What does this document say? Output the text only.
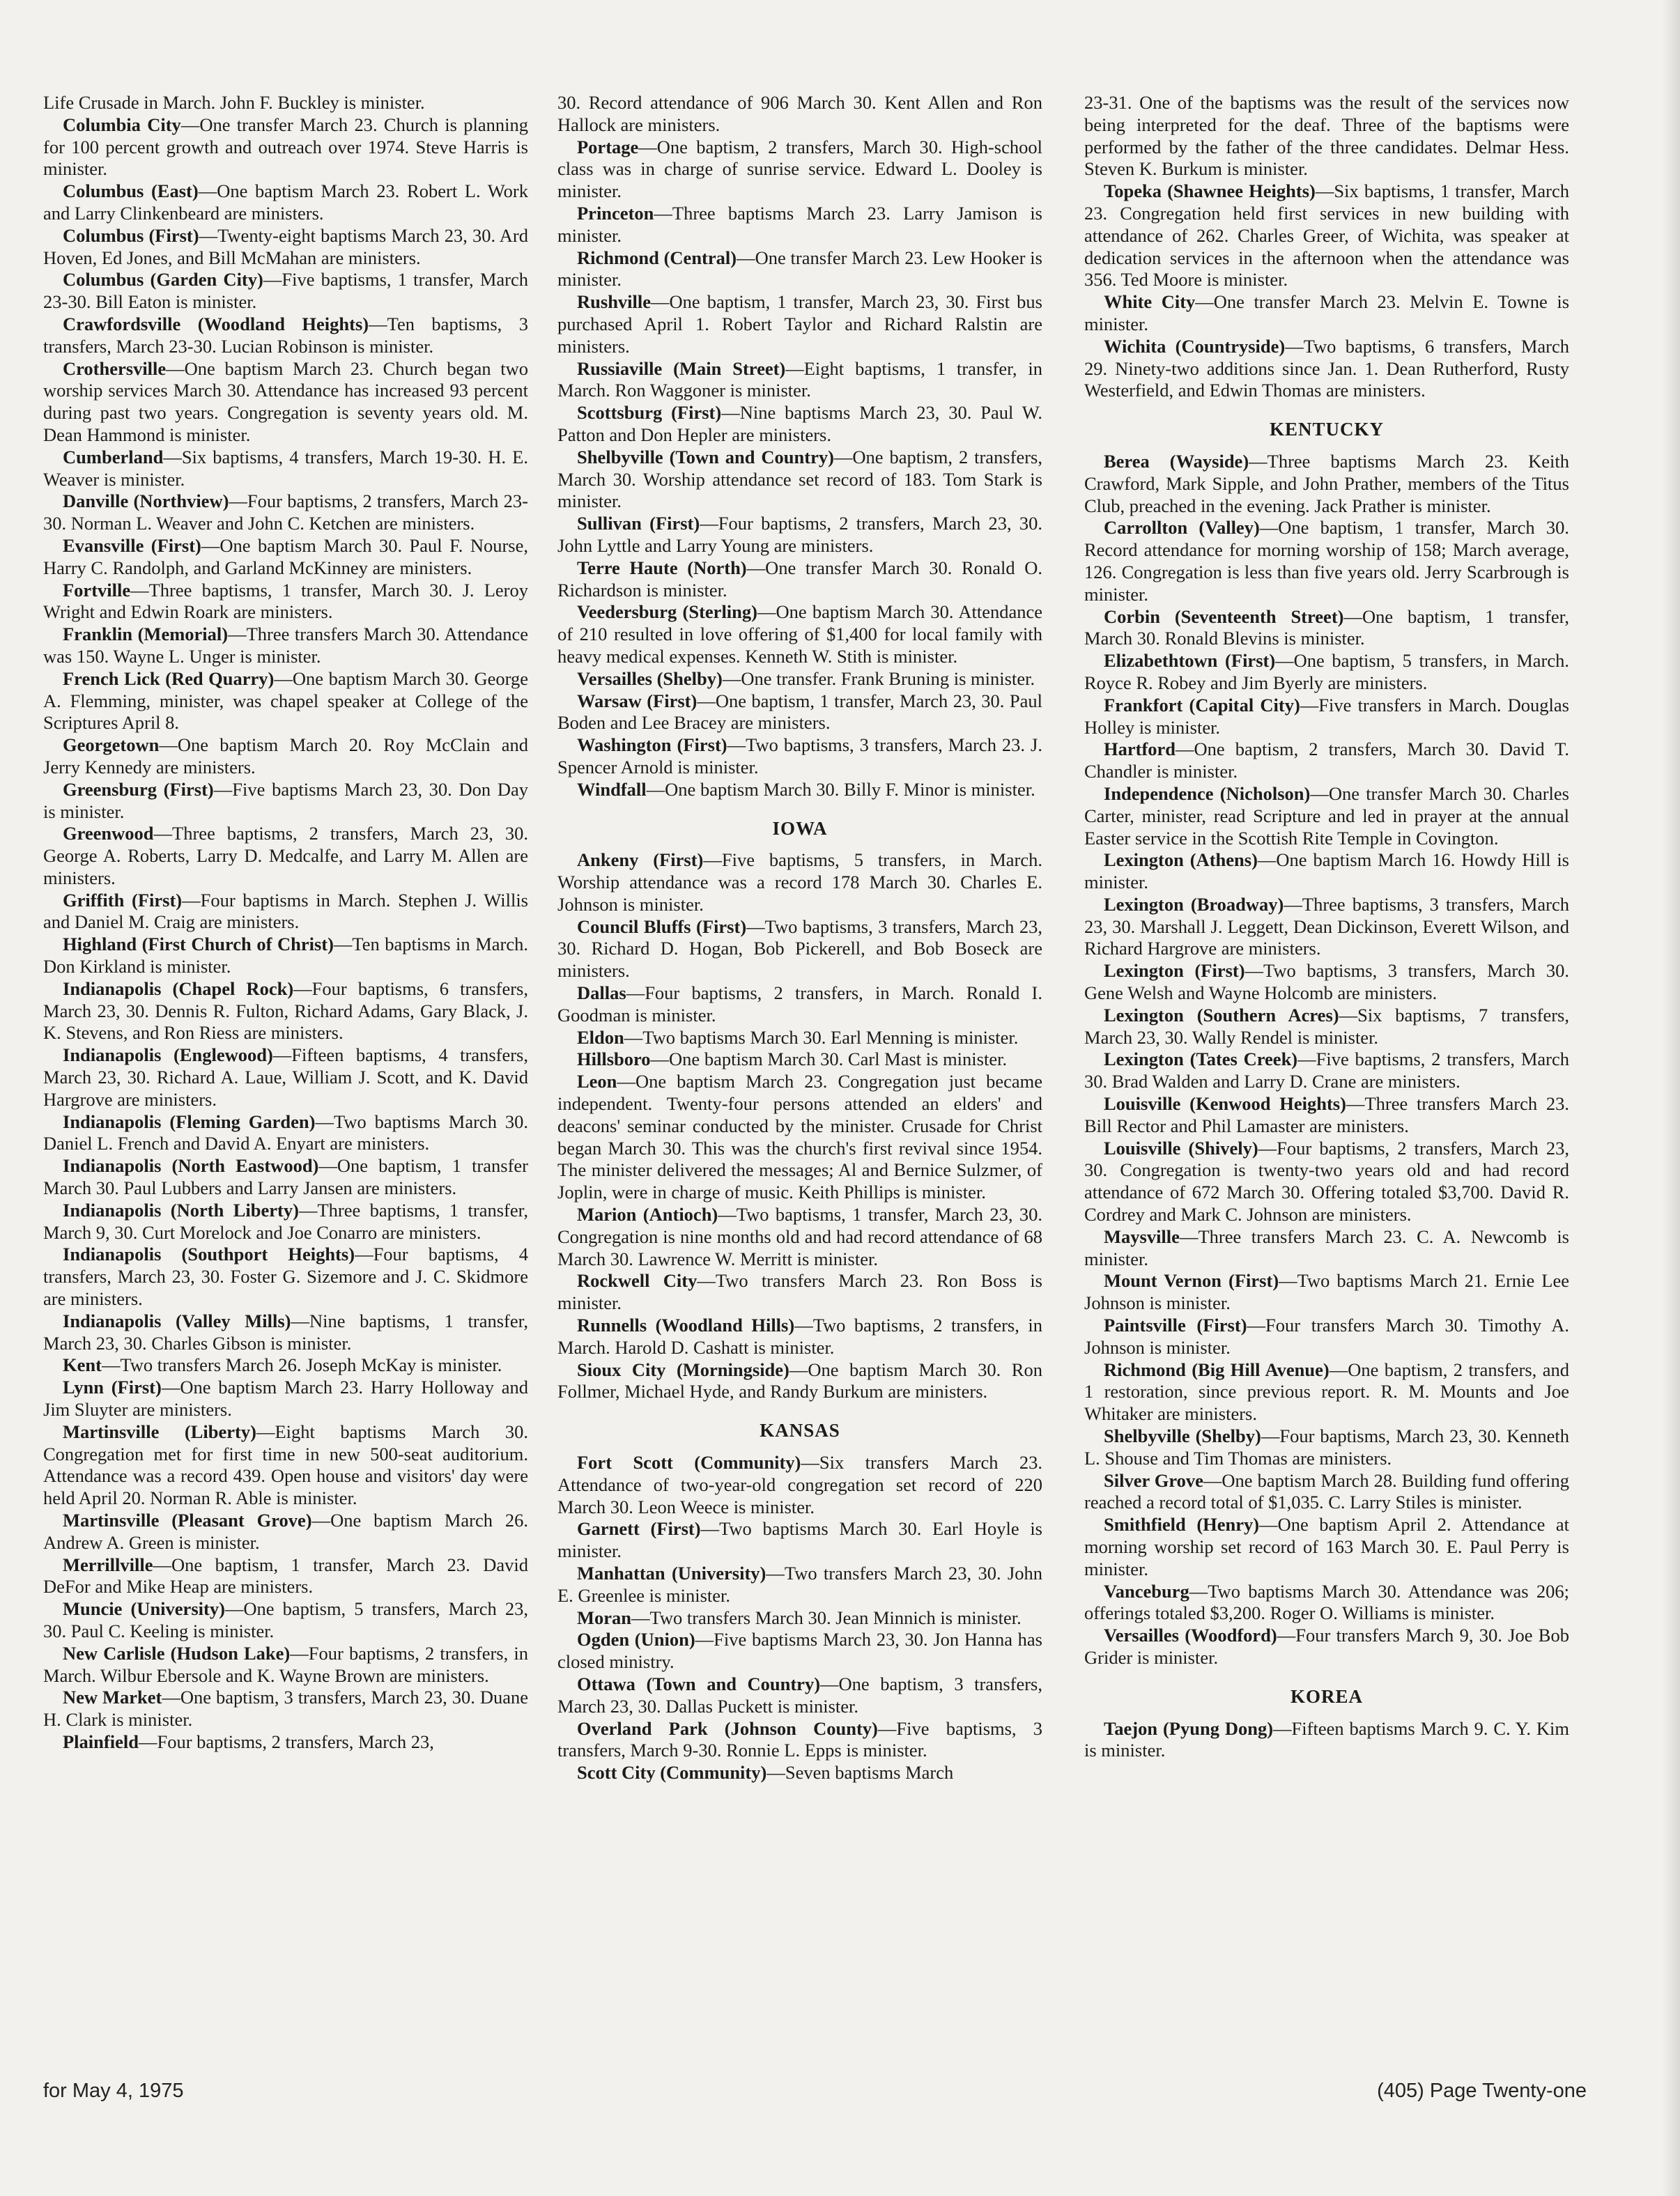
Life Crusade in March. John F. Buckley is minister.

Columbia City—One transfer March 23. Church is planning for 100 percent growth and outreach over 1974. Steve Harris is minister.

Columbus (East)—One baptism March 23. Robert L. Work and Larry Clinkenbeard are ministers.

Columbus (First)—Twenty-eight baptisms March 23, 30. Ard Hoven, Ed Jones, and Bill McMahan are ministers.

Columbus (Garden City)—Five baptisms, 1 transfer, March 23-30. Bill Eaton is minister.

Crawfordsville (Woodland Heights)—Ten baptisms, 3 transfers, March 23-30. Lucian Robinson is minister.

Crothersville—One baptism March 23. Church began two worship services March 30. Attendance has increased 93 percent during past two years. Congregation is seventy years old. M. Dean Hammond is minister.

Cumberland—Six baptisms, 4 transfers, March 19-30. H. E. Weaver is minister.

Danville (Northview)—Four baptisms, 2 transfers, March 23-30. Norman L. Weaver and John C. Ketchen are ministers.

Evansville (First)—One baptism March 30. Paul F. Nourse, Harry C. Randolph, and Garland McKinney are ministers.

Fortville—Three baptisms, 1 transfer, March 30. J. Leroy Wright and Edwin Roark are ministers.

Franklin (Memorial)—Three transfers March 30. Attendance was 150. Wayne L. Unger is minister.

French Lick (Red Quarry)—One baptism March 30. George A. Flemming, minister, was chapel speaker at College of the Scriptures April 8.

Georgetown—One baptism March 20. Roy McClain and Jerry Kennedy are ministers.

Greensburg (First)—Five baptisms March 23, 30. Don Day is minister.

Greenwood—Three baptisms, 2 transfers, March 23, 30. George A. Roberts, Larry D. Medcalfe, and Larry M. Allen are ministers.

Griffith (First)—Four baptisms in March. Stephen J. Willis and Daniel M. Craig are ministers.

Highland (First Church of Christ)—Ten baptisms in March. Don Kirkland is minister.

Indianapolis (Chapel Rock)—Four baptisms, 6 transfers, March 23, 30. Dennis R. Fulton, Richard Adams, Gary Black, J. K. Stevens, and Ron Riess are ministers.

Indianapolis (Englewood)—Fifteen baptisms, 4 transfers, March 23, 30. Richard A. Laue, William J. Scott, and K. David Hargrove are ministers.

Indianapolis (Fleming Garden)—Two baptisms March 30. Daniel L. French and David A. Enyart are ministers.

Indianapolis (North Eastwood)—One baptism, 1 transfer March 30. Paul Lubbers and Larry Jansen are ministers.

Indianapolis (North Liberty)—Three baptisms, 1 transfer, March 9, 30. Curt Morelock and Joe Conarro are ministers.

Indianapolis (Southport Heights)—Four baptisms, 4 transfers, March 23, 30. Foster G. Sizemore and J. C. Skidmore are ministers.

Indianapolis (Valley Mills)—Nine baptisms, 1 transfer, March 23, 30. Charles Gibson is minister.

Kent—Two transfers March 26. Joseph McKay is minister.

Lynn (First)—One baptism March 23. Harry Holloway and Jim Sluyter are ministers.

Martinsville (Liberty)—Eight baptisms March 30. Congregation met for first time in new 500-seat auditorium. Attendance was a record 439. Open house and visitors' day were held April 20. Norman R. Able is minister.

Martinsville (Pleasant Grove)—One baptism March 26. Andrew A. Green is minister.

Merrillville—One baptism, 1 transfer, March 23. David DeFor and Mike Heap are ministers.

Muncie (University)—One baptism, 5 transfers, March 23, 30. Paul C. Keeling is minister.

New Carlisle (Hudson Lake)—Four baptisms, 2 transfers, in March. Wilbur Ebersole and K. Wayne Brown are ministers.

New Market—One baptism, 3 transfers, March 23, 30. Duane H. Clark is minister.

Plainfield—Four baptisms, 2 transfers, March 23,

30. Record attendance of 906 March 30. Kent Allen and Ron Hallock are ministers.

Portage—One baptism, 2 transfers, March 30. High-school class was in charge of sunrise service. Edward L. Dooley is minister.

Princeton—Three baptisms March 23. Larry Jamison is minister.

Richmond (Central)—One transfer March 23. Lew Hooker is minister.

Rushville—One baptism, 1 transfer, March 23, 30. First bus purchased April 1. Robert Taylor and Richard Ralstin are ministers.

Russiaville (Main Street)—Eight baptisms, 1 transfer, in March. Ron Waggoner is minister.

Scottsburg (First)—Nine baptisms March 23, 30. Paul W. Patton and Don Hepler are ministers.

Shelbyville (Town and Country)—One baptism, 2 transfers, March 30. Worship attendance set record of 183. Tom Stark is minister.

Sullivan (First)—Four baptisms, 2 transfers, March 23, 30. John Lyttle and Larry Young are ministers.

Terre Haute (North)—One transfer March 30. Ronald O. Richardson is minister.

Veedersburg (Sterling)—One baptism March 30. Attendance of 210 resulted in love offering of $1,400 for local family with heavy medical expenses. Kenneth W. Stith is minister.

Versailles (Shelby)—One transfer. Frank Bruning is minister.

Warsaw (First)—One baptism, 1 transfer, March 23, 30. Paul Boden and Lee Bracey are ministers.

Washington (First)—Two baptisms, 3 transfers, March 23. J. Spencer Arnold is minister.

Windfall—One baptism March 30. Billy F. Minor is minister.

IOWA

Ankeny (First)—Five baptisms, 5 transfers, in March. Worship attendance was a record 178 March 30. Charles E. Johnson is minister.

Council Bluffs (First)—Two baptisms, 3 transfers, March 23, 30. Richard D. Hogan, Bob Pickerell, and Bob Boseck are ministers.

Dallas—Four baptisms, 2 transfers, in March. Ronald I. Goodman is minister.

Eldon—Two baptisms March 30. Earl Menning is minister.

Hillsboro—One baptism March 30. Carl Mast is minister.

Leon—One baptism March 23. Congregation just became independent. Twenty-four persons attended an elders' and deacons' seminar conducted by the minister. Crusade for Christ began March 30. This was the church's first revival since 1954. The minister delivered the messages; Al and Bernice Sulzmer, of Joplin, were in charge of music. Keith Phillips is minister.

Marion (Antioch)—Two baptisms, 1 transfer, March 23, 30. Congregation is nine months old and had record attendance of 68 March 30. Lawrence W. Merritt is minister.

Rockwell City—Two transfers March 23. Ron Boss is minister.

Runnells (Woodland Hills)—Two baptisms, 2 transfers, in March. Harold D. Cashatt is minister.

Sioux City (Morningside)—One baptism March 30. Ron Follmer, Michael Hyde, and Randy Burkum are ministers.

KANSAS

Fort Scott (Community)—Six transfers March 23. Attendance of two-year-old congregation set record of 220 March 30. Leon Weece is minister.

Garnett (First)—Two baptisms March 30. Earl Hoyle is minister.

Manhattan (University)—Two transfers March 23, 30. John E. Greenlee is minister.

Moran—Two transfers March 30. Jean Minnich is minister.

Ogden (Union)—Five baptisms March 23, 30. Jon Hanna has closed ministry.

Ottawa (Town and Country)—One baptism, 3 transfers, March 23, 30. Dallas Puckett is minister.

Overland Park (Johnson County)—Five baptisms, 3 transfers, March 9-30. Ronnie L. Epps is minister.

Scott City (Community)—Seven baptisms March

23-31. One of the baptisms was the result of the services now being interpreted for the deaf. Three of the baptisms were performed by the father of the three candidates. Delmar Hess. Steven K. Burkum is minister.

Topeka (Shawnee Heights)—Six baptisms, 1 transfer, March 23. Congregation held first services in new building with attendance of 262. Charles Greer, of Wichita, was speaker at dedication services in the afternoon when the attendance was 356. Ted Moore is minister.

White City—One transfer March 23. Melvin E. Towne is minister.

Wichita (Countryside)—Two baptisms, 6 transfers, March 29. Ninety-two additions since Jan. 1. Dean Rutherford, Rusty Westerfield, and Edwin Thomas are ministers.

KENTUCKY

Berea (Wayside)—Three baptisms March 23. Keith Crawford, Mark Sipple, and John Prather, members of the Titus Club, preached in the evening. Jack Prather is minister.

Carrollton (Valley)—One baptism, 1 transfer, March 30. Record attendance for morning worship of 158; March average, 126. Congregation is less than five years old. Jerry Scarbrough is minister.

Corbin (Seventeenth Street)—One baptism, 1 transfer, March 30. Ronald Blevins is minister.

Elizabethtown (First)—One baptism, 5 transfers, in March. Royce R. Robey and Jim Byerly are ministers.

Frankfort (Capital City)—Five transfers in March. Douglas Holley is minister.

Hartford—One baptism, 2 transfers, March 30. David T. Chandler is minister.

Independence (Nicholson)—One transfer March 30. Charles Carter, minister, read Scripture and led in prayer at the annual Easter service in the Scottish Rite Temple in Covington.

Lexington (Athens)—One baptism March 16. Howdy Hill is minister.

Lexington (Broadway)—Three baptisms, 3 transfers, March 23, 30. Marshall J. Leggett, Dean Dickinson, Everett Wilson, and Richard Hargrove are ministers.

Lexington (First)—Two baptisms, 3 transfers, March 30. Gene Welsh and Wayne Holcomb are ministers.

Lexington (Southern Acres)—Six baptisms, 7 transfers, March 23, 30. Wally Rendel is minister.

Lexington (Tates Creek)—Five baptisms, 2 transfers, March 30. Brad Walden and Larry D. Crane are ministers.

Louisville (Kenwood Heights)—Three transfers March 23. Bill Rector and Phil Lamaster are ministers.

Louisville (Shively)—Four baptisms, 2 transfers, March 23, 30. Congregation is twenty-two years old and had record attendance of 672 March 30. Offering totaled $3,700. David R. Cordrey and Mark C. Johnson are ministers.

Maysville—Three transfers March 23. C. A. Newcomb is minister.

Mount Vernon (First)—Two baptisms March 21. Ernie Lee Johnson is minister.

Paintsville (First)—Four transfers March 30. Timothy A. Johnson is minister.

Richmond (Big Hill Avenue)—One baptism, 2 transfers, and 1 restoration, since previous report. R. M. Mounts and Joe Whitaker are ministers.

Shelbyville (Shelby)—Four baptisms, March 23, 30. Kenneth L. Shouse and Tim Thomas are ministers.

Silver Grove—One baptism March 28. Building fund offering reached a record total of $1,035. C. Larry Stiles is minister.

Smithfield (Henry)—One baptism April 2. Attendance at morning worship set record of 163 March 30. E. Paul Perry is minister.

Vanceburg—Two baptisms March 30. Attendance was 206; offerings totaled $3,200. Roger O. Williams is minister.

Versailles (Woodford)—Four transfers March 9, 30. Joe Bob Grider is minister.

KOREA

Taejon (Pyung Dong)—Fifteen baptisms March 9. C. Y. Kim is minister.

for May 4, 1975	(405) Page Twenty-one
